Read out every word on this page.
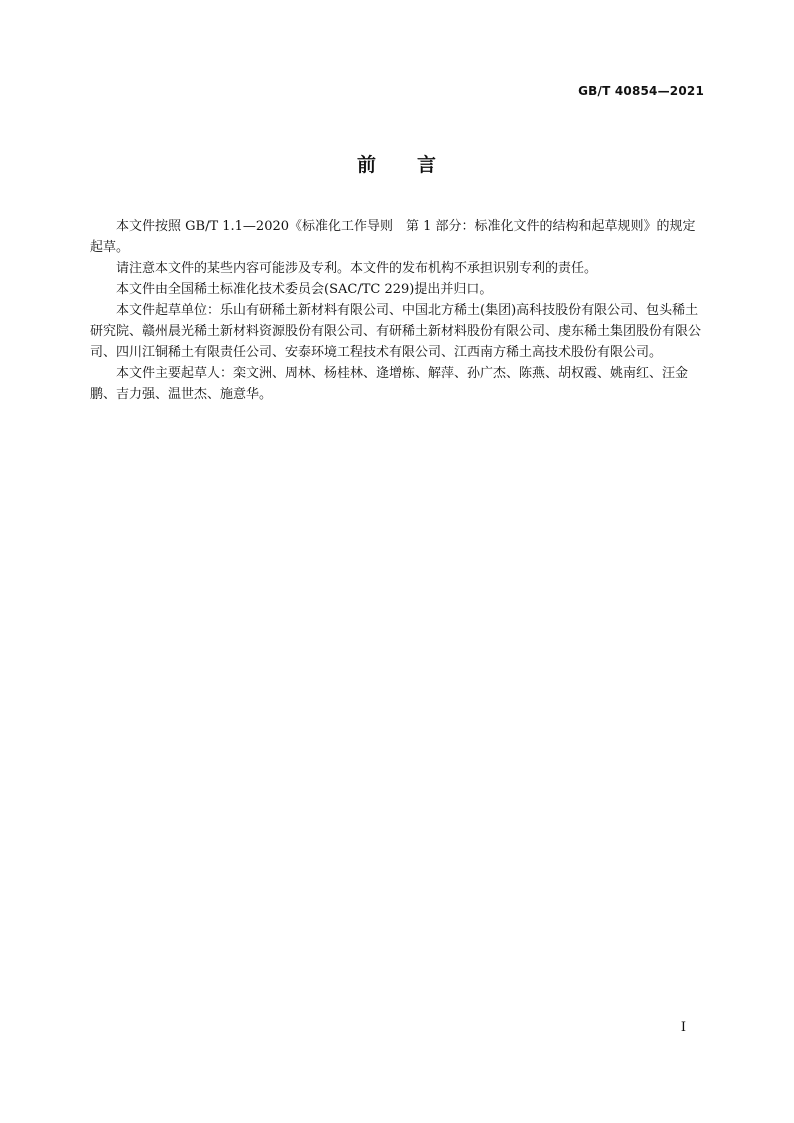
GB/T 40854—2021
前 言

本文件按照 GB/T 1.1—2020《标准化工作导则　第 1 部分：标准化文件的结构和起草规则》的规定起草。

请注意本文件的某些内容可能涉及专利。本文件的发布机构不承担识别专利的责任。

本文件由全国稀土标准化技术委员会(SAC/TC 229)提出并归口。

本文件起草单位：乐山有研稀土新材料有限公司、中国北方稀土(集团)高科技股份有限公司、包头稀土研究院、赣州晨光稀土新材料资源股份有限公司、有研稀土新材料股份有限公司、虔东稀土集团股份有限公司、四川江铜稀土有限责任公司、安泰环境工程技术有限公司、江西南方稀土高技术股份有限公司。

本文件主要起草人：栾文洲、周林、杨桂林、逄增栋、解萍、孙广杰、陈燕、胡权霞、姚南红、汪金鹏、吉力强、温世杰、施意华。

I
